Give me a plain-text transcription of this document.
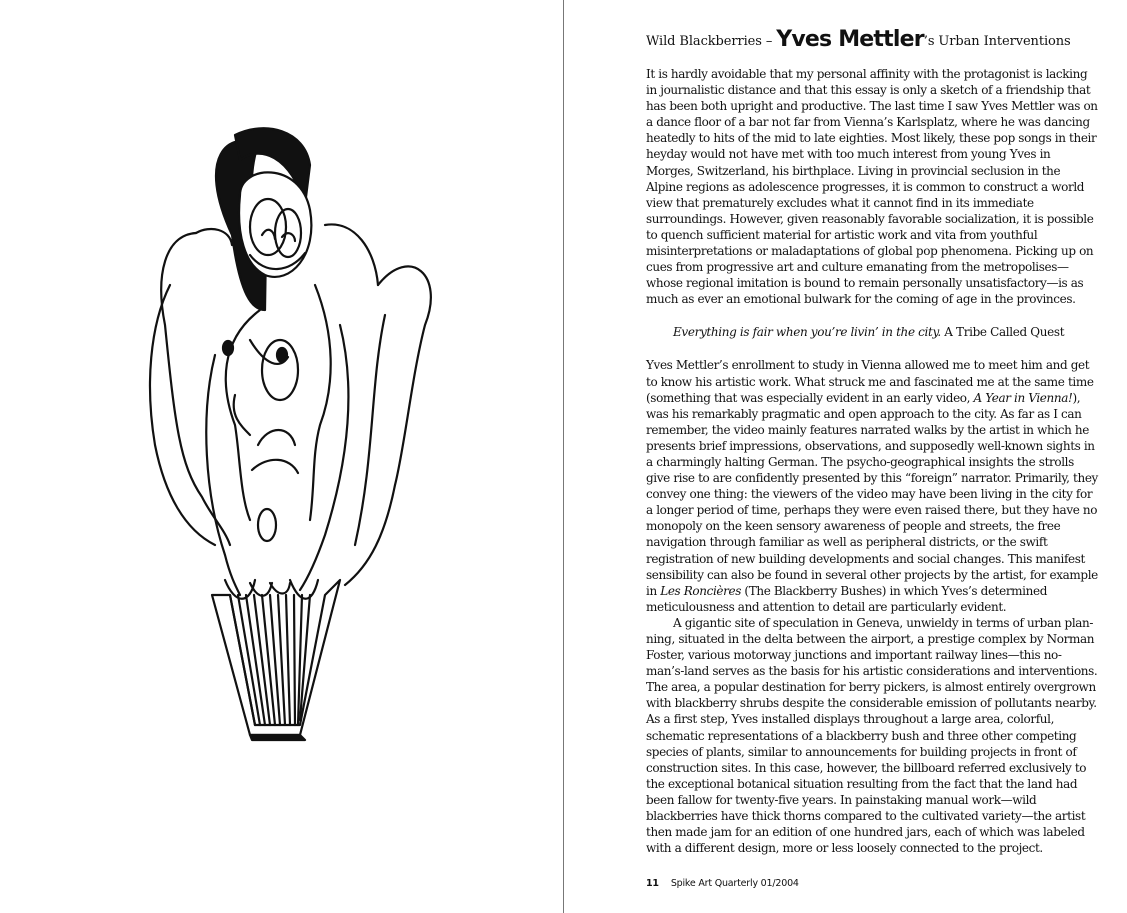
Wild Blackberries – Yves Mettler’s Urban Interventions

It is hardly avoidable that my personal affinity with the protagonist is lacking in journalistic distance and that this essay is only a sketch of a friendship that has been both upright and productive. The last time I saw Yves Mettler was on a dance floor of a bar not far from Vienna’s Karlsplatz, where he was dancing heatedly to hits of the mid to late eighties. Most likely, these pop songs in their heyday would not have met with too much interest from young Yves in Morges, Switzerland, his birthplace. Living in provincial seclusion in the Alpine regions as adolescence progresses, it is common to construct a world view that prematurely excludes what it cannot find in its immediate surroundings. However, given reasonably favorable socialization, it is possible to quench sufficient material for artistic work and vita from youthful misinterpretations or maladaptations of global pop phenomena. Picking up on cues from progressive art and culture emanating from the metropolises—whose regional imitation is bound to remain personally unsatisfactory—is as much as ever an emotional bulwark for the coming of age in the provinces.

Everything is fair when you’re livin’ in the city. A Tribe Called Quest

Yves Mettler’s enrollment to study in Vienna allowed me to meet him and get to know his artistic work. What struck me and fascinated me at the same time (something that was especially evident in an early video, A Year in Vienna!), was his remarkably pragmatic and open approach to the city. As far as I can remember, the video mainly features narrated walks by the artist in which he presents brief impressions, observations, and supposedly well-known sights in a charmingly halting German. The psycho-geographical insights the strolls give rise to are confidently presented by this “foreign” narrator. Primarily, they convey one thing: the viewers of the video may have been living in the city for a longer period of time, perhaps they were even raised there, but they have no monopoly on the keen sensory awareness of people and streets, the free navigation through familiar as well as peripheral districts, or the swift registration of new building developments and social changes. This manifest sensibility can also be found in several other projects by the artist, for example in Les Roncières (The Blackberry Bushes) in which Yves’s determined meticulousness and attention to detail are particularly evident.

A gigantic site of speculation in Geneva, unwieldy in terms of urban planning, situated in the delta between the airport, a prestige complex by Norman Foster, various motorway junctions and important railway lines—this no-man’s-land serves as the basis for his artistic considerations and interventions. The area, a popular destination for berry pickers, is almost entirely overgrown with blackberry shrubs despite the considerable emission of pollutants nearby. As a first step, Yves installed displays throughout a large area, colorful, schematic representations of a blackberry bush and three other competing species of plants, similar to announcements for building projects in front of construction sites. In this case, however, the billboard referred exclusively to the exceptional botanical situation resulting from the fact that the land had been fallow for twenty-five years. In painstaking manual work—wild blackberries have thick thorns compared to the cultivated variety—the artist then made jam for an edition of one hundred jars, each of which was labeled with a different design, more or less loosely connected to the project.

11 Spike Art Quarterly 01/2004
